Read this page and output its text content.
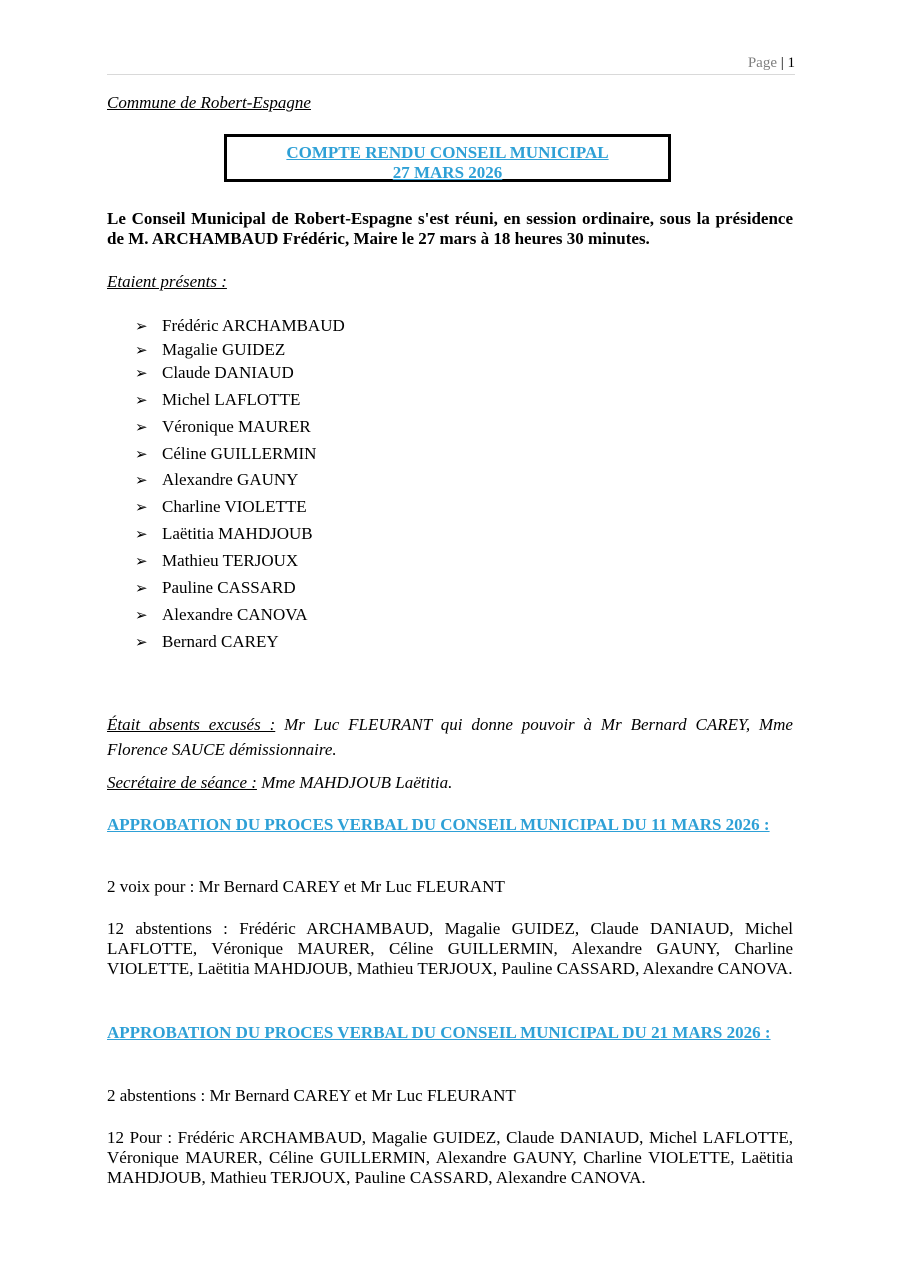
Page | 1
Commune de Robert-Espagne
COMPTE RENDU CONSEIL MUNICIPAL
27 MARS 2026
Le Conseil Municipal de Robert-Espagne s'est réuni, en session ordinaire, sous la présidence de M. ARCHAMBAUD Frédéric, Maire le 27 mars à 18 heures 30 minutes.
Etaient présents :
➢ Frédéric ARCHAMBAUD
➢ Magalie GUIDEZ
➢ Claude DANIAUD
➢ Michel LAFLOTTE
➢ Véronique MAURER
➢ Céline GUILLERMIN
➢ Alexandre GAUNY
➢ Charline VIOLETTE
➢ Laëtitia MAHDJOUB
➢ Mathieu TERJOUX
➢ Pauline CASSARD
➢ Alexandre CANOVA
➢ Bernard CAREY
Était absents excusés : Mr Luc FLEURANT qui donne pouvoir à Mr Bernard CAREY, Mme Florence SAUCE démissionnaire.
Secrétaire de séance : Mme MAHDJOUB Laëtitia.
APPROBATION DU PROCES VERBAL DU CONSEIL MUNICIPAL DU 11 MARS 2026 :
2 voix pour : Mr Bernard CAREY et Mr Luc FLEURANT
12 abstentions : Frédéric ARCHAMBAUD, Magalie GUIDEZ, Claude DANIAUD, Michel LAFLOTTE, Véronique MAURER, Céline GUILLERMIN, Alexandre GAUNY, Charline VIOLETTE, Laëtitia MAHDJOUB, Mathieu TERJOUX, Pauline CASSARD, Alexandre CANOVA.
APPROBATION DU PROCES VERBAL DU CONSEIL MUNICIPAL DU 21 MARS 2026 :
2 abstentions : Mr Bernard CAREY et Mr Luc FLEURANT
12 Pour : Frédéric ARCHAMBAUD, Magalie GUIDEZ, Claude DANIAUD, Michel LAFLOTTE, Véronique MAURER, Céline GUILLERMIN, Alexandre GAUNY, Charline VIOLETTE, Laëtitia MAHDJOUB, Mathieu TERJOUX, Pauline CASSARD, Alexandre CANOVA.
